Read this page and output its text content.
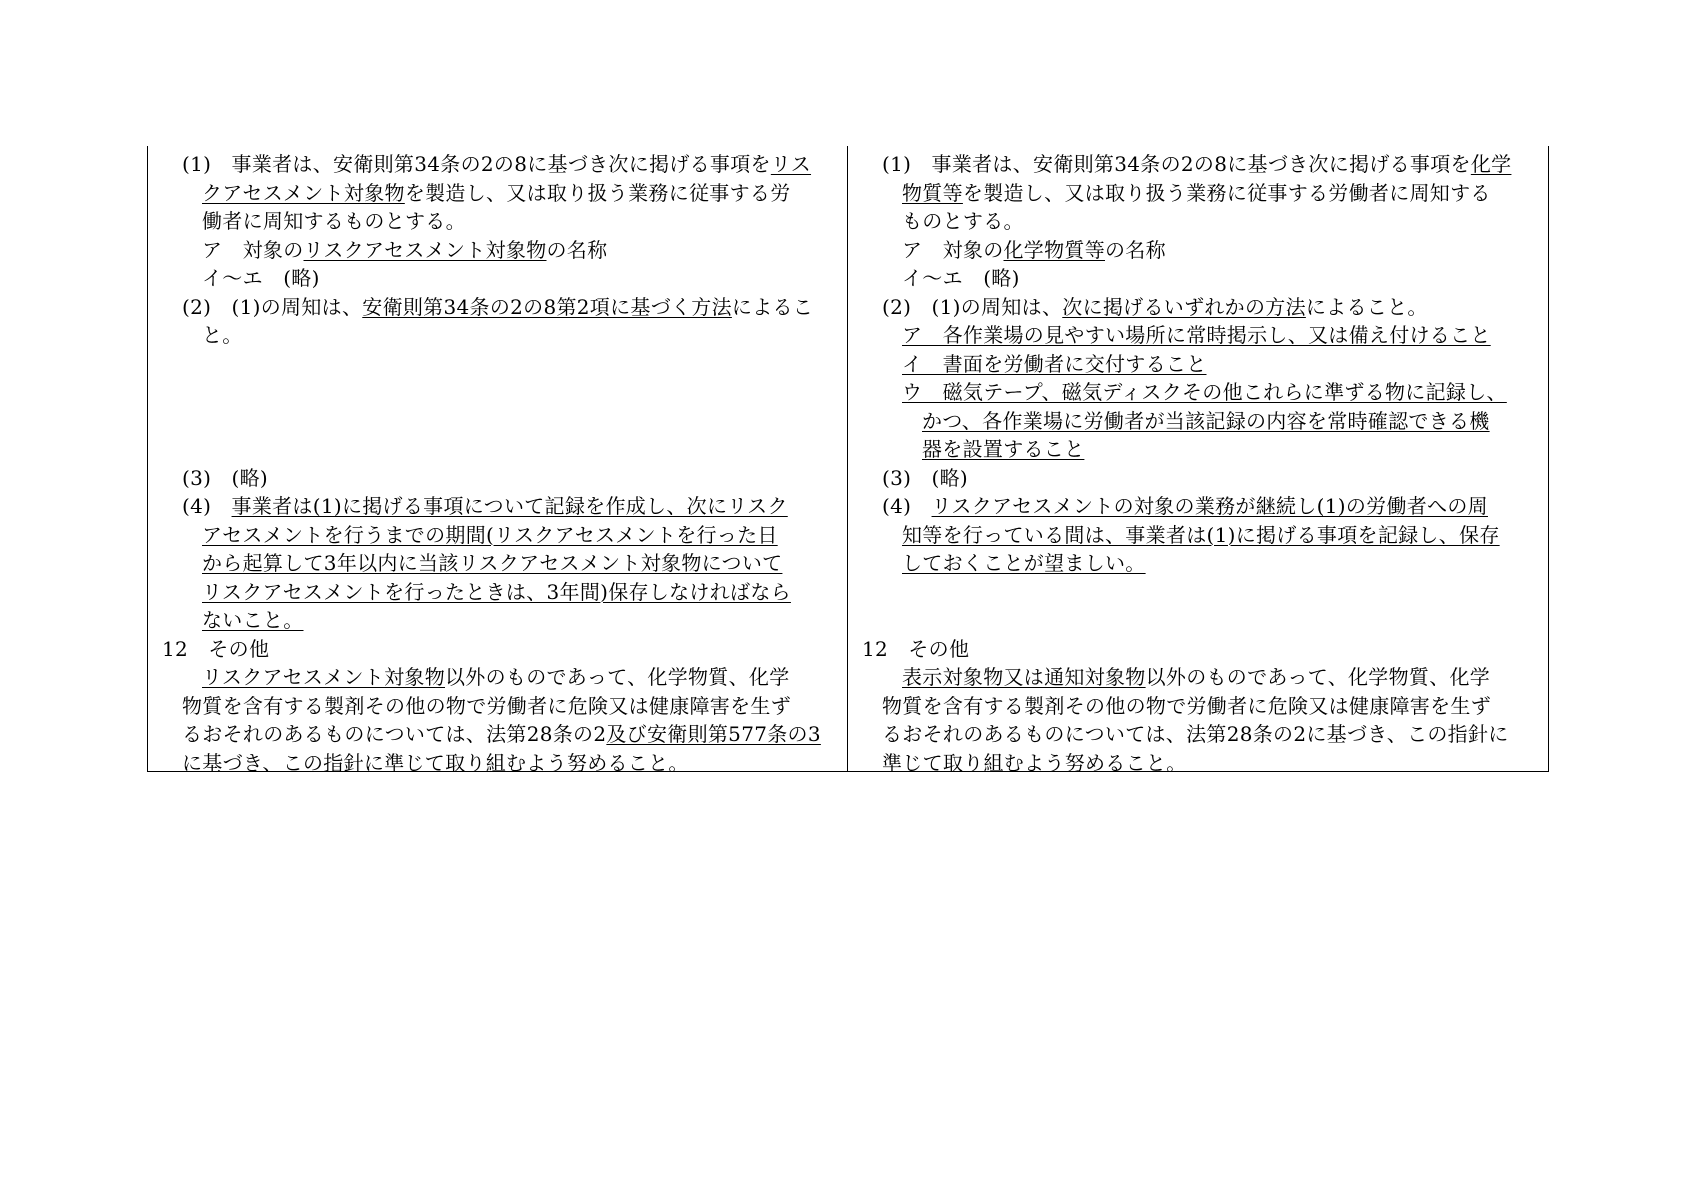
(1)　事業者は、安衛則第34条の2の8に基づき次に掲げる事項をリス
クアセスメント対象物を製造し、又は取り扱う業務に従事する労
働者に周知するものとする。
ア　対象のリスクアセスメント対象物の名称
イ～エ　(略)
(2)　(1)の周知は、安衛則第34条の2の8第2項に基づく方法によるこ
と。
(3)　(略)
(4)　事業者は(1)に掲げる事項について記録を作成し、次にリスク
アセスメントを行うまでの期間(リスクアセスメントを行った日
から起算して3年以内に当該リスクアセスメント対象物について
リスクアセスメントを行ったときは、3年間)保存しなければなら
ないこと。
12　その他
リスクアセスメント対象物以外のものであって、化学物質、化学
物質を含有する製剤その他の物で労働者に危険又は健康障害を生ず
るおそれのあるものについては、法第28条の2及び安衛則第577条の3
に基づき、この指針に準じて取り組むよう努めること。
(1)　事業者は、安衛則第34条の2の8に基づき次に掲げる事項を化学
物質等を製造し、又は取り扱う業務に従事する労働者に周知する
ものとする。
ア　対象の化学物質等の名称
イ～エ　(略)
(2)　(1)の周知は、次に掲げるいずれかの方法によること。
ア　各作業場の見やすい場所に常時掲示し、又は備え付けること
イ　書面を労働者に交付すること
ウ　磁気テープ、磁気ディスクその他これらに準ずる物に記録し、
かつ、各作業場に労働者が当該記録の内容を常時確認できる機
器を設置すること
(3)　(略)
(4)　リスクアセスメントの対象の業務が継続し(1)の労働者への周
知等を行っている間は、事業者は(1)に掲げる事項を記録し、保存
しておくことが望ましい。
12　その他
表示対象物又は通知対象物以外のものであって、化学物質、化学
物質を含有する製剤その他の物で労働者に危険又は健康障害を生ず
るおそれのあるものについては、法第28条の2に基づき、この指針に
準じて取り組むよう努めること。
